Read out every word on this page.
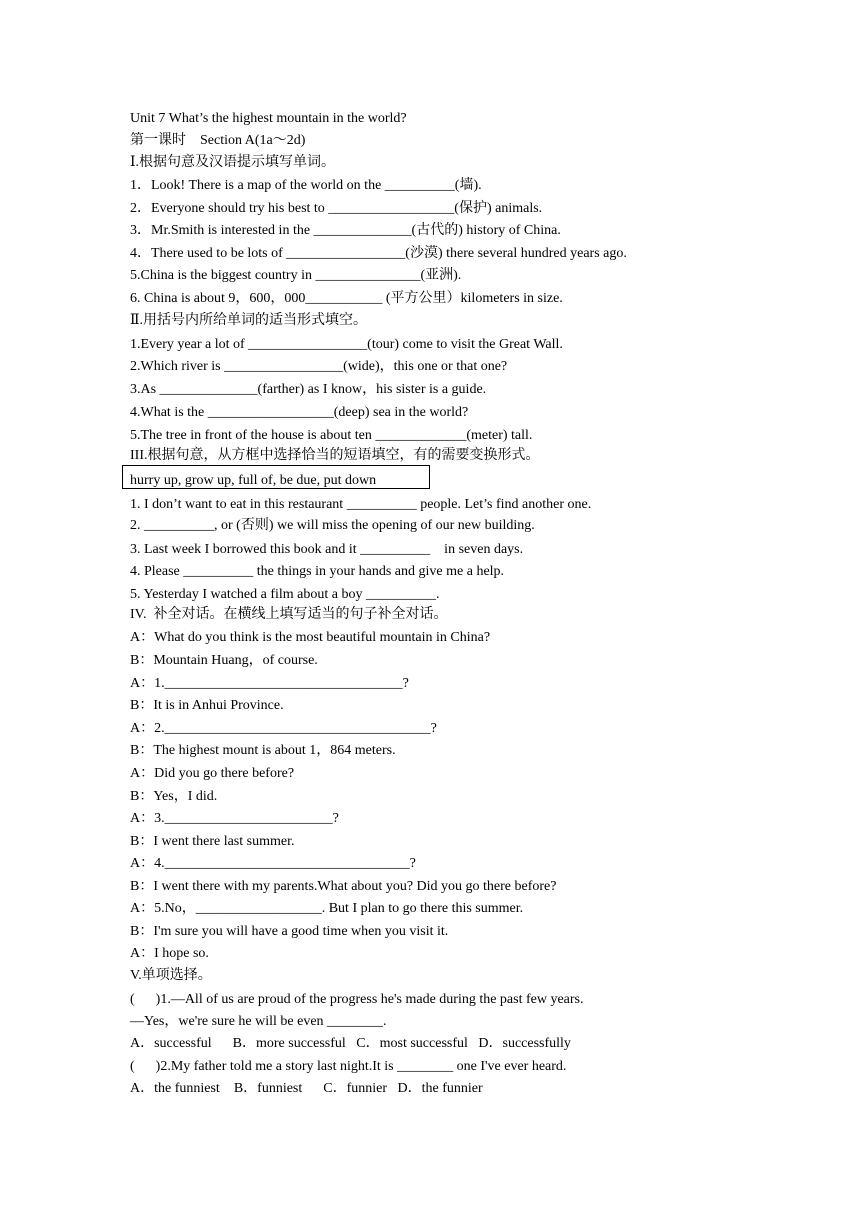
Unit 7 What’s the highest mountain in the world?
第一课时　Section A(1a～2d)
Ⅰ.根据句意及汉语提示填写单词。
1．Look! There is a map of the world on the __________(墙).
2．Everyone should try his best to __________________(保护) animals.
3．Mr.Smith is interested in the ______________(古代的) history of China.
4．There used to be lots of _________________(沙漠) there several hundred years ago.
5.China is the biggest country in _______________(亚洲).
6. China is about 9，600，000___________ (平方公里）kilometers in size.
Ⅱ.用括号内所给单词的适当形式填空。
1.Every year a lot of _________________(tour) come to visit the Great Wall.
2.Which river is _________________(wide)，this one or that one?
3.As ______________(farther) as I know，his sister is a guide.
4.What is the __________________(deep) sea in the world?
5.The tree in front of the house is about ten _____________(meter) tall.
III.根据句意，从方框中选择恰当的短语填空，有的需要变换形式。
hurry up, grow up, full of, be due, put down
1. I don’t want to eat in this restaurant __________ people. Let’s find another one.
2. __________, or (否则) we will miss the opening of our new building.
3. Last week I borrowed this book and it __________    in seven days.
4. Please __________ the things in your hands and give me a help.
5. Yesterday I watched a film about a boy __________.
IV.  补全对话。在横线上填写适当的句子补全对话。
A：What do you think is the most beautiful mountain in China?
B：Mountain Huang，of course.
A：1.__________________________________?
B：It is in Anhui Province.
A：2.______________________________________?
B：The highest mount is about 1，864 meters.
A：Did you go there before?
B：Yes，I did.
A：3.________________________?
B：I went there last summer.
A：4.___________________________________?
B：I went there with my parents.What about you? Did you go there before?
A：5.No，__________________. But I plan to go there this summer.
B：I'm sure you will have a good time when you visit it.
A：I hope so.
V.单项选择。
(      )1.—All of us are proud of the progress he's made during the past few years.
—Yes，we're sure he will be even ________.
A．successful      B．more successful   C．most successful   D．successfully
(      )2.My father told me a story last night.It is ________ one I've ever heard.
A．the funniest    B．funniest      C．funnier   D．the funnier
